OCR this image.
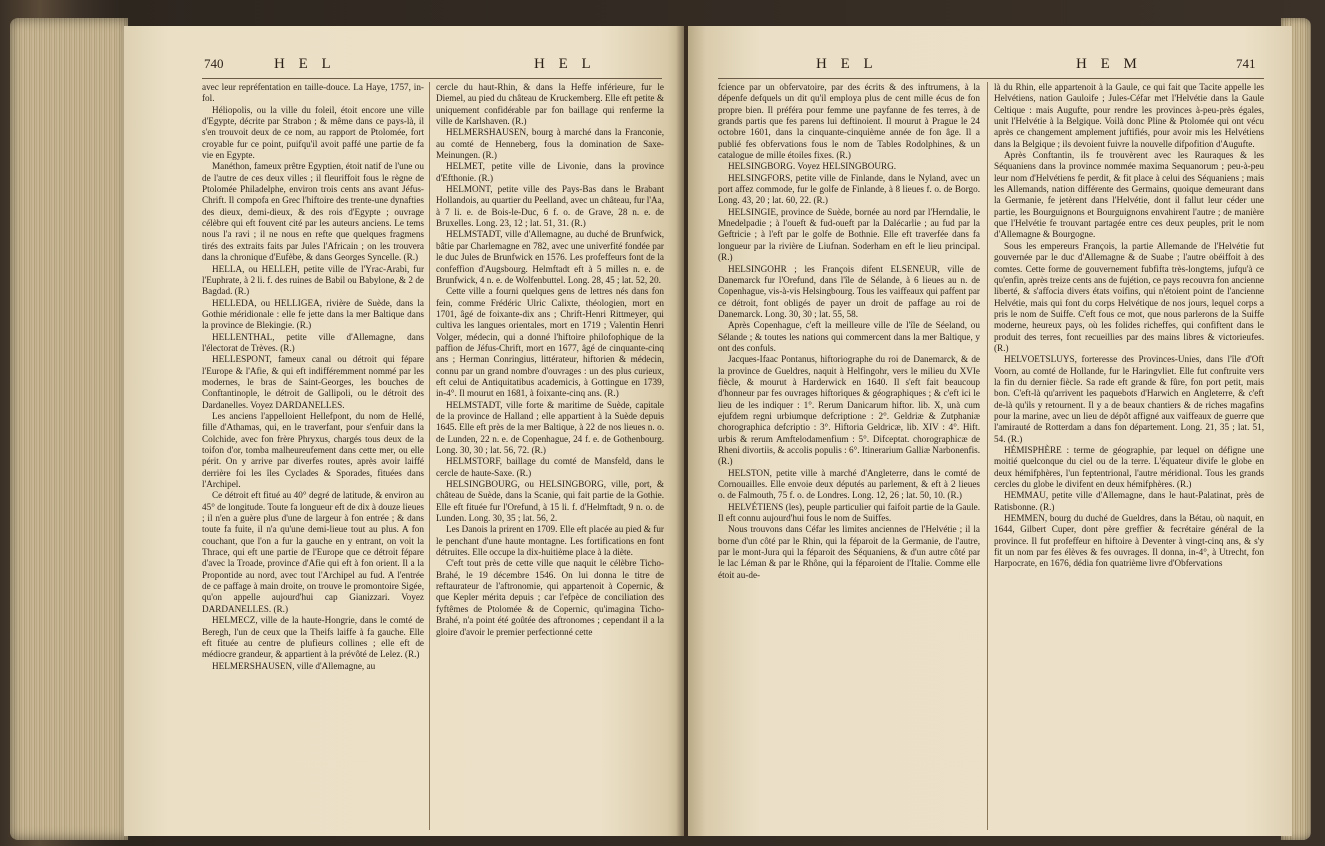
740	H E L	H E L

avec leur repréfentation en taille-douce. La Haye, 1757, in-fol.

Héliopolis, ou la ville du foleil, étoit encore une ville d'Egypte, décrite par Strabon ; & même dans ce pays-là, il s'en trouvoit deux de ce nom, au rapport de Ptolomée, fort croyable fur ce point, puifqu'il avoit paffé une partie de fa vie en Egypte.

Manéthon, fameux prêtre Egyptien, étoit natif de l'une ou de l'autre de ces deux villes ; il fleuriffoit fous le règne de Ptolomée Philadelphe, environ trois cents ans avant Jéfus-Chrift. Il compofa en Grec l'hiftoire des trente-une dynafties des dieux, demi-dieux, & des rois d'Egypte ; ouvrage célèbre qui eft fouvent cité par les auteurs anciens. Le tems nous l'a ravi ; il ne nous en refte que quelques fragmens tirés des extraits faits par Jules l'Africain ; on les trouvera dans la chronique d'Eufèbe, & dans Georges Syncelle. (R.)

HELLA, ou HELLEH, petite ville de l'Yrac-Arabi, fur l'Euphrate, à 2 li. f. des ruines de Babil ou Babylone, & 2 de Bagdad. (R.)

HELLEDA, ou HELLIGEA, rivière de Suède, dans la Gothie méridionale : elle fe jette dans la mer Baltique dans la province de Blekingie. (R.)

HELLENTHAL, petite ville d'Allemagne, dans l'électorat de Trèves. (R.)

HELLESPONT, fameux canal ou détroit qui fépare l'Europe & l'Afie, & qui eft indifféremment nommé par les modernes, le bras de Saint-Georges, les bouches de Conftantinople, le détroit de Gallipoli, ou le détroit des Dardanelles. Voyez DARDANELLES.

Les anciens l'appelloient Hellefpont, du nom de Hellé, fille d'Athamas, qui, en le traverfant, pour s'enfuir dans la Colchide, avec fon frère Phryxus, chargés tous deux de la toifon d'or, tomba malheureufement dans cette mer, ou elle périt. On y arrive par diverfes routes, après avoir laiffé derrière foi les îles Cyclades & Sporades, fituées dans l'Archipel.

Ce détroit eft fitué au 40° degré de latitude, & environ au 45° de longitude. Toute fa longueur eft de dix à douze lieues ; il n'en a guère plus d'une de largeur à fon entrée ; & dans toute fa fuite, il n'a qu'une demi-lieue tout au plus. A fon couchant, que l'on a fur la gauche en y entrant, on voit la Thrace, qui eft une partie de l'Europe que ce détroit fépare d'avec la Troade, province d'Afie qui eft à fon orient. Il a la Propontide au nord, avec tout l'Archipel au fud. A l'entrée de ce paffage à main droite, on trouve le promontoire Sigée, qu'on appelle aujourd'hui cap Gianizzari. Voyez DARDANELLES. (R.)

HELMECZ, ville de la haute-Hongrie, dans le comté de Beregh, l'un de ceux que la Theifs laiffe à fa gauche. Elle eft fituée au centre de plufieurs collines ; elle eft de médiocre grandeur, & appartient à la prévôté de Lelez. (R.)

HELMERSHAUSEN, ville d'Allemagne, au

cercle du haut-Rhin, & dans la Heffe inférieure, fur le Diemel, au pied du château de Kruckemberg. Elle eft petite & uniquement confidérable par fon baillage qui renferme la ville de Karlshaven. (R.)

HELMERSHAUSEN, bourg à marché dans la Franconie, au comté de Henneberg, fous la domination de Saxe-Meinungen. (R.)

HELMET, petite ville de Livonie, dans la province d'Efthonie. (R.)

HELMONT, petite ville des Pays-Bas dans le Brabant Hollandois, au quartier du Peelland, avec un château, fur l'Aa, à 7 li. e. de Bois-le-Duc, 6 f. o. de Grave, 28 n. e. de Bruxelles. Long. 23, 12 ; lat. 51, 31. (R.)

HELMSTADT, ville d'Allemagne, au duché de Brunfwick, bâtie par Charlemagne en 782, avec une univerfité fondée par le duc Jules de Brunfwick en 1576. Les profeffeurs font de la confeffion d'Augsbourg. Helmftadt eft à 5 milles n. e. de Brunfwick, 4 n. e. de Wolfenbuttel. Long. 28, 45 ; lat. 52, 20.

Cette ville a fourni quelques gens de lettres nés dans fon fein, comme Frédéric Ulric Calixte, théologien, mort en 1701, âgé de foixante-dix ans ; Chrift-Henri Rittmeyer, qui cultiva les langues orientales, mort en 1719 ; Valentin Henri Volger, médecin, qui a donné l'hiftoire philofophique de la paffion de Jéfus-Chrift, mort en 1677, âgé de cinquante-cinq ans ; Herman Conringius, littérateur, hiftorien & médecin, connu par un grand nombre d'ouvrages : un des plus curieux, eft celui de Antiquitatibus academicis, à Gottingue en 1739, in-4°. Il mourut en 1681, à foixante-cinq ans. (R.)

HELMSTADT, ville forte & maritime de Suède, capitale de la province de Halland ; elle appartient à la Suède depuis 1645. Elle eft près de la mer Baltique, à 22 de nos lieues n. o. de Lunden, 22 n. e. de Copenhague, 24 f. e. de Gothenbourg. Long. 30, 30 ; lat. 56, 72. (R.)

HELMSTORF, baillage du comté de Mansfeld, dans le cercle de haute-Saxe. (R.)

HELSINGBOURG, ou HELSINGBORG, ville, port, & château de Suède, dans la Scanie, qui fait partie de la Gothie. Elle eft fituée fur l'Orefund, à 15 li. f. d'Helmftadt, 9 n. o. de Lunden. Long. 30, 35 ; lat. 56, 2.

Les Danois la prirent en 1709. Elle eft placée au pied & fur le penchant d'une haute montagne. Les fortifications en font détruites. Elle occupe la dix-huitième place à la diète.

C'eft tout près de cette ville que naquit le célèbre Ticho-Brahé, le 19 décembre 1546. On lui donna le titre de reftaurateur de l'aftronomie, qui appartenoit à Copernic, & que Kepler mérita depuis ; car l'efpèce de conciliation des fyftêmes de Ptolomée & de Copernic, qu'imagina Ticho-Brahé, n'a point été goûtée des aftronomes ; cependant il a la gloire d'avoir le premier perfectionné cette

H E L	H E M	741

fcience par un obfervatoire, par des écrits & des inftrumens, à la dépenfe defquels un dit qu'il employa plus de cent mille écus de fon propre bien. Il préféra pour femme une payfanne de fes terres, à de grands partis que fes parens lui deftinoient. Il mourut à Prague le 24 octobre 1601, dans la cinquante-cinquième année de fon âge. Il a publié fes obfervations fous le nom de Tables Rodolphines, & un catalogue de mille étoiles fixes. (R.)

HELSINGBORG. Voyez HELSINGBOURG.

HELSINGFORS, petite ville de Finlande, dans le Nyland, avec un port affez commode, fur le golfe de Finlande, à 8 lieues f. o. de Borgo. Long. 43, 20 ; lat. 60, 22. (R.)

HELSINGIE, province de Suède, bornée au nord par l'Herndalie, le Mnedelpadie ; à l'oueft & fud-oueft par la Dalécarlie ; au fud par la Geftricie ; à l'eft par le golfe de Bothnie. Elle eft traverfée dans fa longueur par la rivière de Liufnan. Soderham en eft le lieu principal. (R.)

HELSINGOHR ; les François difent ELSENEUR, ville de Danemarck fur l'Orefund, dans l'île de Sélande, à 6 lieues au n. de Copenhague, vis-à-vis Helsingbourg. Tous les vaiffeaux qui paffent par ce détroit, font obligés de payer un droit de paffage au roi de Danemarck. Long. 30, 30 ; lat. 55, 58.

Après Copenhague, c'eft la meilleure ville de l'île de Séeland, ou Sélande ; & toutes les nations qui commercent dans la mer Baltique, y ont des confuls.

Jacques-Ifaac Pontanus, hiftoriographe du roi de Danemarck, & de la province de Gueldres, naquit à Helfingohr, vers le milieu du XVIe fiècle, & mourut à Harderwick en 1640. Il s'eft fait beaucoup d'honneur par fes ouvrages hiftoriques & géographiques ; & c'eft ici le lieu de les indiquer : 1°. Rerum Danicarum hiftor. lib. X, unà cum ejufdem regni urbiumque defcriptione : 2°. Geldriæ & Zutphaniæ chorographica defcriptio : 3°. Hiftoria Geldricæ, lib. XIV : 4°. Hift. urbis & rerum Amftelodamenfium : 5°. Difceptat. chorographicæ de Rheni divortiis, & accolis populis : 6°. Itinerarium Galliæ Narbonenfis. (R.)

HELSTON, petite ville à marché d'Angleterre, dans le comté de Cornouailles. Elle envoie deux députés au parlement, & eft à 2 lieues o. de Falmouth, 75 f. o. de Londres. Long. 12, 26 ; lat. 50, 10. (R.)

HELVÉTIENS (les), peuple particulier qui faifoit partie de la Gaule. Il eft connu aujourd'hui fous le nom de Suiffes.

Nous trouvons dans Céfar les limites anciennes de l'Helvétie ; il la borne d'un côté par le Rhin, qui la féparoit de la Germanie, de l'autre, par le mont-Jura qui la féparoit des Séquaniens, & d'un autre côté par le lac Léman & par le Rhône, qui la féparoient de l'Italie. Comme elle étoit au-de-

là du Rhin, elle appartenoit à la Gaule, ce qui fait que Tacite appelle les Helvétiens, nation Gauloife ; Jules-Céfar met l'Helvétie dans la Gaule Celtique : mais Augufte, pour rendre les provinces à-peu-près égales, unit l'Helvétie à la Belgique. Voilà donc Pline & Ptolomée qui ont vécu après ce changement amplement juftifiés, pour avoir mis les Helvétiens dans la Belgique ; ils devoient fuivre la nouvelle difpofition d'Augufte.

Après Conftantin, ils fe trouvèrent avec les Rauraques & les Séquaniens dans la province nommée maxima Sequanorum ; peu-à-peu leur nom d'Helvétiens fe perdit, & fit place à celui des Séquaniens ; mais les Allemands, nation différente des Germains, quoique demeurant dans la Germanie, fe jetèrent dans l'Helvétie, dont il fallut leur céder une partie, les Bourguignons et Bourguignons envahirent l'autre ; de manière que l'Helvétie fe trouvant partagée entre ces deux peuples, prit le nom d'Allemagne & Bourgogne.

Sous les empereurs François, la partie Allemande de l'Helvétie fut gouvernée par le duc d'Allemagne & de Suabe ; l'autre obéiffoit à des comtes. Cette forme de gouvernement fubfifta très-longtems, jufqu'à ce qu'enfin, après treize cents ans de fujétion, ce pays recouvra fon ancienne liberté, & s'affocia divers états voifins, qui n'étoient point de l'ancienne Helvétie, mais qui font du corps Helvétique de nos jours, lequel corps a pris le nom de Suiffe. C'eft fous ce mot, que nous parlerons de la Suiffe moderne, heureux pays, où les folides richeffes, qui confiftent dans le produit des terres, font recueillies par des mains libres & victorieufes. (R.)

HELVOETSLUYS, forteresse des Provinces-Unies, dans l'île d'Oft Voorn, au comté de Hollande, fur le Haringvliet. Elle fut conftruite vers la fin du dernier fiècle. Sa rade eft grande & fûre, fon port petit, mais bon. C'eft-là qu'arrivent les paquebots d'Harwich en Angleterre, & c'eft de-là qu'ils y retournent. Il y a de beaux chantiers & de riches magafins pour la marine, avec un lieu de dépôt affigné aux vaiffeaux de guerre que l'amirauté de Rotterdam a dans fon département. Long. 21, 35 ; lat. 51, 54. (R.)

HÉMISPHÈRE : terme de géographie, par lequel on défigne une moitié quelconque du ciel ou de la terre. L'équateur divife le globe en deux hémifphères, l'un feptentrional, l'autre méridional. Tous les grands cercles du globe le divifent en deux hémifphères. (R.)

HEMMAU, petite ville d'Allemagne, dans le haut-Palatinat, près de Ratisbonne. (R.)

HEMMEN, bourg du duché de Gueldres, dans la Bétau, où naquit, en 1644, Gilbert Cuper, dont père greffier & fecrétaire général de la province. Il fut profeffeur en hiftoire à Deventer à vingt-cinq ans, & s'y fit un nom par fes élèves & fes ouvrages. Il donna, in-4°, à Utrecht, fon Harpocrate, en 1676, dédia fon quatrième livre d'Obfervations
